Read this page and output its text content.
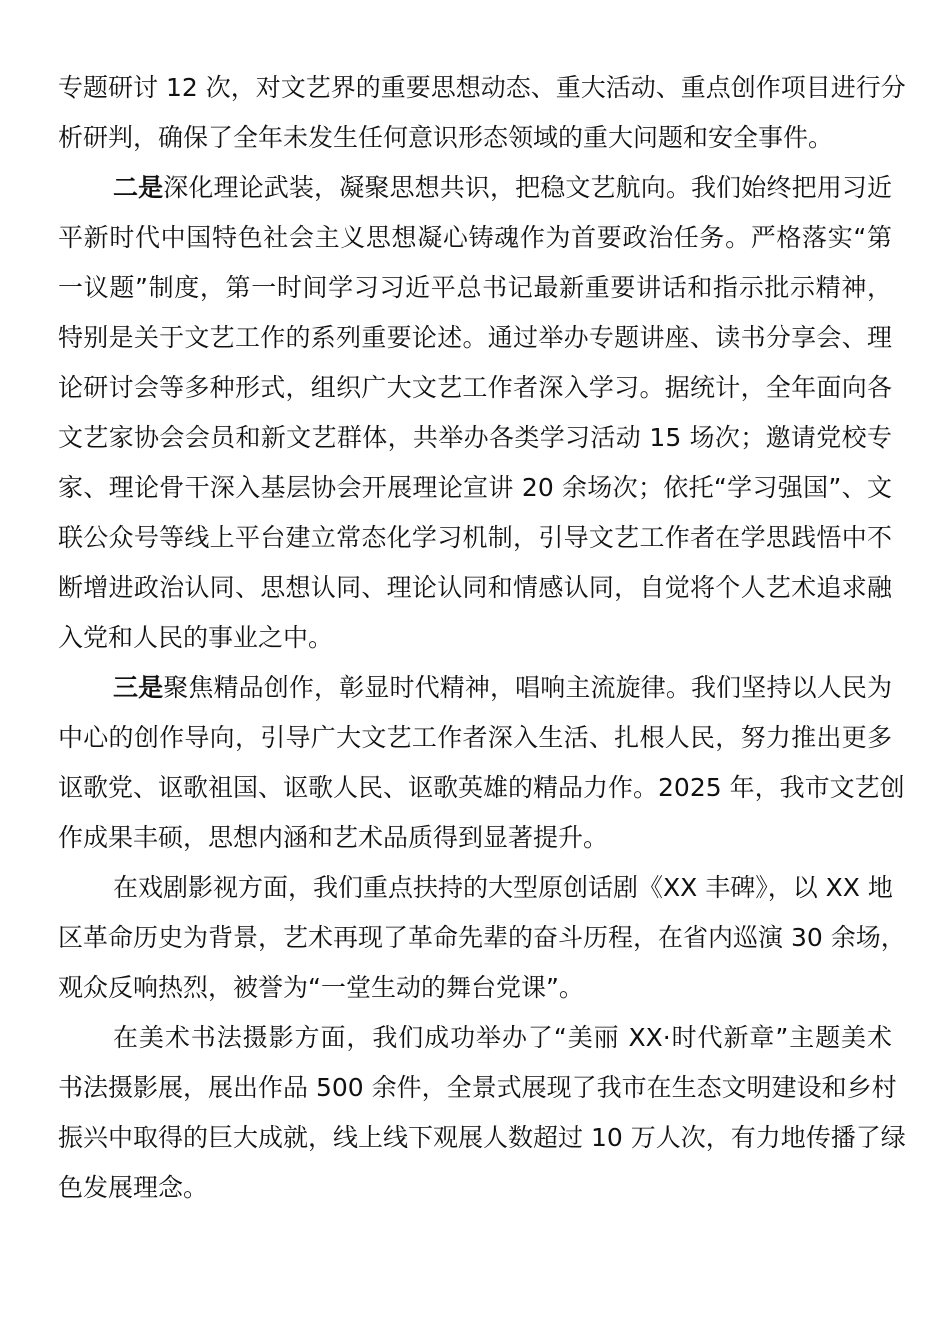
专题研讨 12 次，对文艺界的重要思想动态、重大活动、重点创作项目进行分
析研判，确保了全年未发生任何意识形态领域的重大问题和安全事件。
二是深化理论武装，凝聚思想共识，把稳文艺航向。我们始终把用习近
平新时代中国特色社会主义思想凝心铸魂作为首要政治任务。严格落实“第
一议题”制度，第一时间学习习近平总书记最新重要讲话和指示批示精神，
特别是关于文艺工作的系列重要论述。通过举办专题讲座、读书分享会、理
论研讨会等多种形式，组织广大文艺工作者深入学习。据统计，全年面向各
文艺家协会会员和新文艺群体，共举办各类学习活动 15 场次；邀请党校专
家、理论骨干深入基层协会开展理论宣讲 20 余场次；依托“学习强国”、文
联公众号等线上平台建立常态化学习机制，引导文艺工作者在学思践悟中不
断增进政治认同、思想认同、理论认同和情感认同，自觉将个人艺术追求融
入党和人民的事业之中。
三是聚焦精品创作，彰显时代精神，唱响主流旋律。我们坚持以人民为
中心的创作导向，引导广大文艺工作者深入生活、扎根人民，努力推出更多
讴歌党、讴歌祖国、讴歌人民、讴歌英雄的精品力作。2025 年，我市文艺创
作成果丰硕，思想内涵和艺术品质得到显著提升。
在戏剧影视方面，我们重点扶持的大型原创话剧《XX 丰碑》，以 XX 地
区革命历史为背景，艺术再现了革命先辈的奋斗历程，在省内巡演 30 余场，
观众反响热烈，被誉为“一堂生动的舞台党课”。
在美术书法摄影方面，我们成功举办了“美丽 XX·时代新章”主题美术
书法摄影展，展出作品 500 余件，全景式展现了我市在生态文明建设和乡村
振兴中取得的巨大成就，线上线下观展人数超过 10 万人次，有力地传播了绿
色发展理念。
